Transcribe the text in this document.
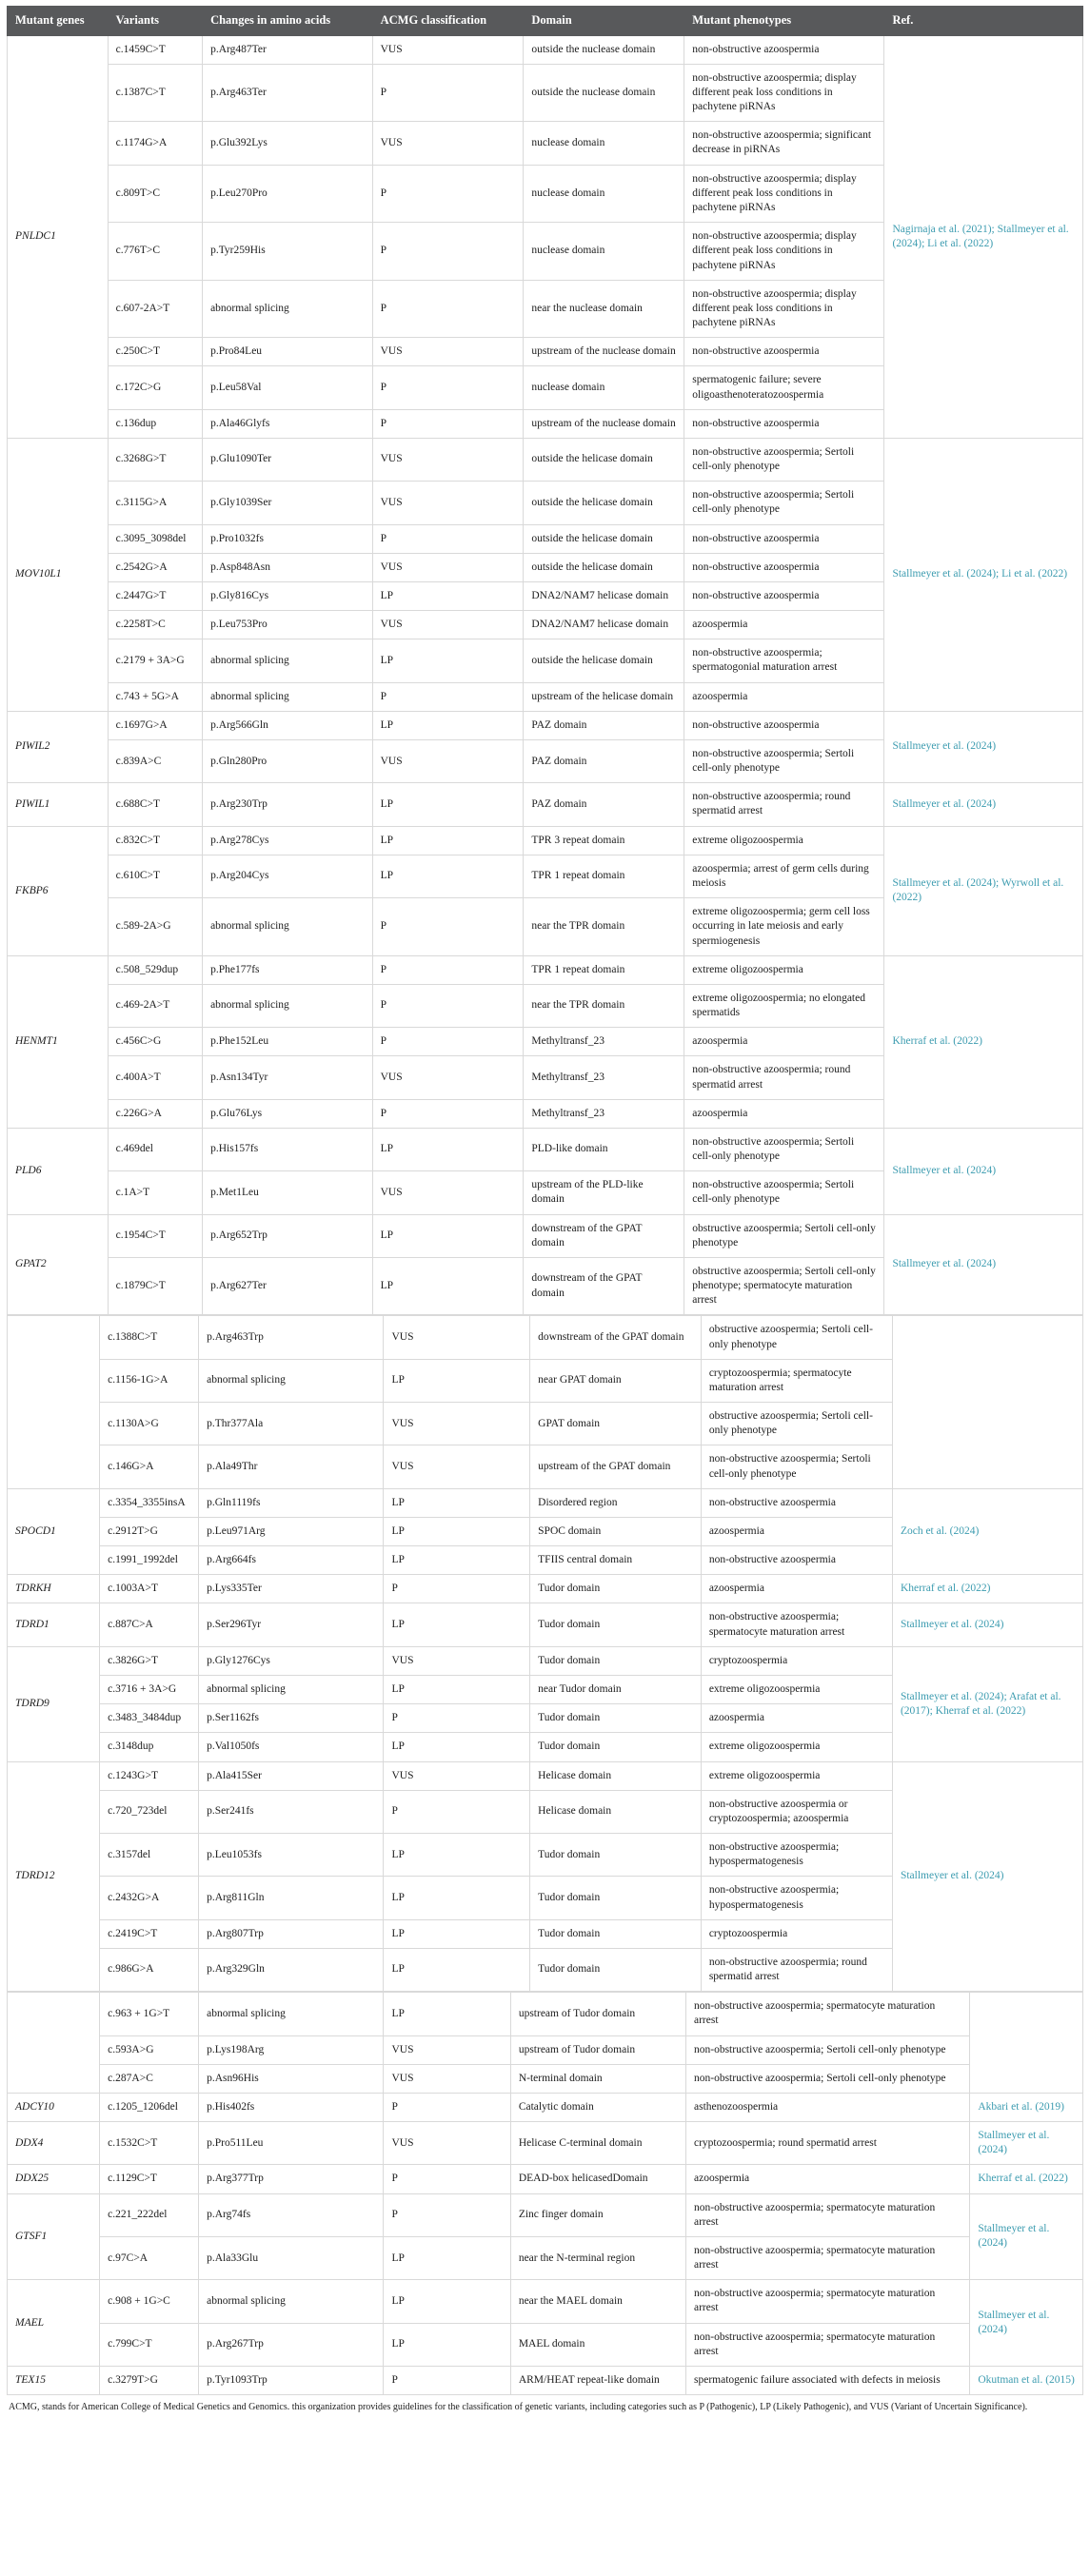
Mutant genes	Variants	Changes in amino acids	ACMG classification	Domain	Mutant phenotypes	Ref.
PNLDC1	c.1459C>T	p.Arg487Ter	VUS	outside the nuclease domain	non-obstructive azoospermia	Nagirnaja et al. (2021); Stallmeyer et al. (2024); Li et al. (2022)
	c.1387C>T	p.Arg463Ter	P	outside the nuclease domain	non-obstructive azoospermia; display different peak loss conditions in pachytene piRNAs	
	c.1174G>A	p.Glu392Lys	VUS	nuclease domain	non-obstructive azoospermia; significant decrease in piRNAs	
	c.809T>C	p.Leu270Pro	P	nuclease domain	non-obstructive azoospermia; display different peak loss conditions in pachytene piRNAs	
	c.776T>C	p.Tyr259His	P	nuclease domain	non-obstructive azoospermia; display different peak loss conditions in pachytene piRNAs	
	c.607-2A>T	abnormal splicing	P	near the nuclease domain	non-obstructive azoospermia; display different peak loss conditions in pachytene piRNAs	
	c.250C>T	p.Pro84Leu	VUS	upstream of the nuclease domain	non-obstructive azoospermia	
	c.172C>G	p.Leu58Val	P	nuclease domain	spermatogenic failure; severe oligoasthenoteratozoospermia	
	c.136dup	p.Ala46Glyfs	P	upstream of the nuclease domain	non-obstructive azoospermia	
MOV10L1	c.3268G>T	p.Glu1090Ter	VUS	outside the helicase domain	non-obstructive azoospermia; Sertoli cell-only phenotype	Stallmeyer et al. (2024); Li et al. (2022)
	c.3115G>A	p.Gly1039Ser	VUS	outside the helicase domain	non-obstructive azoospermia; Sertoli cell-only phenotype	
	c.3095_3098del	p.Pro1032fs	P	outside the helicase domain	non-obstructive azoospermia	
	c.2542G>A	p.Asp848Asn	VUS	outside the helicase domain	non-obstructive azoospermia	
	c.2447G>T	p.Gly816Cys	LP	DNA2/NAM7 helicase domain	non-obstructive azoospermia	
	c.2258T>C	p.Leu753Pro	VUS	DNA2/NAM7 helicase domain	azoospermia	
	c.2179 + 3A>G	abnormal splicing	LP	outside the helicase domain	non-obstructive azoospermia; spermatogonial maturation arrest	
	c.743 + 5G>A	abnormal splicing	P	upstream of the helicase domain	azoospermia	
PIWIL2	c.1697G>A	p.Arg566Gln	LP	PAZ domain	non-obstructive azoospermia	Stallmeyer et al. (2024)
	c.839A>C	p.Gln280Pro	VUS	PAZ domain	non-obstructive azoospermia; Sertoli cell-only phenotype	
PIWIL1	c.688C>T	p.Arg230Trp	LP	PAZ domain	non-obstructive azoospermia; round spermatid arrest	Stallmeyer et al. (2024)
FKBP6	c.832C>T	p.Arg278Cys	LP	TPR 3 repeat domain	extreme oligozoospermia	Stallmeyer et al. (2024); Wyrwoll et al. (2022)
	c.610C>T	p.Arg204Cys	LP	TPR 1 repeat domain	azoospermia; arrest of germ cells during meiosis	
	c.589-2A>G	abnormal splicing	P	near the TPR domain	extreme oligozoospermia; germ cell loss occurring in late meiosis and early spermiogenesis	
HENMT1	c.508_529dup	p.Phe177fs	P	TPR 1 repeat domain	extreme oligozoospermia	Kherraf et al. (2022)
	c.469-2A>T	abnormal splicing	P	near the TPR domain	extreme oligozoospermia; no elongated spermatids	
	c.456C>G	p.Phe152Leu	P	Methyltransf_23	azoospermia	
	c.400A>T	p.Asn134Tyr	VUS	Methyltransf_23	non-obstructive azoospermia; round spermatid arrest	
	c.226G>A	p.Glu76Lys	P	Methyltransf_23	azoospermia	
PLD6	c.469del	p.His157fs	LP	PLD-like domain	non-obstructive azoospermia; Sertoli cell-only phenotype	Stallmeyer et al. (2024)
	c.1A>T	p.Met1Leu	VUS	upstream of the PLD-like domain	non-obstructive azoospermia; Sertoli cell-only phenotype	
GPAT2	c.1954C>T	p.Arg652Trp	LP	downstream of the GPAT domain	obstructive azoospermia; Sertoli cell-only phenotype	Stallmeyer et al. (2024)
	c.1879C>T	p.Arg627Ter	LP	downstream of the GPAT domain	obstructive azoospermia; Sertoli cell-only phenotype; spermatocyte maturation arrest	
	c.1388C>T	p.Arg463Trp	VUS	downstream of the GPAT domain	obstructive azoospermia; Sertoli cell-only phenotype	
	c.1156-1G>A	abnormal splicing	LP	near GPAT domain	cryptozoospermia; spermatocyte maturation arrest	
	c.1130A>G	p.Thr377Ala	VUS	GPAT domain	obstructive azoospermia; Sertoli cell-only phenotype	
	c.146G>A	p.Ala49Thr	VUS	upstream of the GPAT domain	non-obstructive azoospermia; Sertoli cell-only phenotype	
SPOCD1	c.3354_3355insA	p.Gln1119fs	LP	Disordered region	non-obstructive azoospermia	Zoch et al. (2024)
	c.2912T>G	p.Leu971Arg	LP	SPOC domain	azoospermia	
	c.1991_1992del	p.Arg664fs	LP	TFIIS central domain	non-obstructive azoospermia	
TDRKH	c.1003A>T	p.Lys335Ter	P	Tudor domain	azoospermia	Kherraf et al. (2022)
TDRD1	c.887C>A	p.Ser296Tyr	LP	Tudor domain	non-obstructive azoospermia; spermatocyte maturation arrest	Stallmeyer et al. (2024)
TDRD9	c.3826G>T	p.Gly1276Cys	VUS	Tudor domain	cryptozoospermia	Stallmeyer et al. (2024); Arafat et al. (2017); Kherraf et al. (2022)
	c.3716 + 3A>G	abnormal splicing	LP	near Tudor domain	extreme oligozoospermia	
	c.3483_3484dup	p.Ser1162fs	P	Tudor domain	azoospermia	
	c.3148dup	p.Val1050fs	LP	Tudor domain	extreme oligozoospermia	
TDRD12	c.1243G>T	p.Ala415Ser	VUS	Helicase domain	extreme oligozoospermia	Stallmeyer et al. (2024)
	c.720_723del	p.Ser241fs	P	Helicase domain	non-obstructive azoospermia or cryptozoospermia; azoospermia	
	c.3157del	p.Leu1053fs	LP	Tudor domain	non-obstructive azoospermia; hypospermatogenesis	
	c.2432G>A	p.Arg811Gln	LP	Tudor domain	non-obstructive azoospermia; hypospermatogenesis	
	c.2419C>T	p.Arg807Trp	LP	Tudor domain	cryptozoospermia	
	c.986G>A	p.Arg329Gln	LP	Tudor domain	non-obstructive azoospermia; round spermatid arrest	
	c.963 + 1G>T	abnormal splicing	LP	upstream of Tudor domain	non-obstructive azoospermia; spermatocyte maturation arrest	
	c.593A>G	p.Lys198Arg	VUS	upstream of Tudor domain	non-obstructive azoospermia; Sertoli cell-only phenotype	
	c.287A>C	p.Asn96His	VUS	N-terminal domain	non-obstructive azoospermia; Sertoli cell-only phenotype	
ADCY10	c.1205_1206del	p.His402fs	P	Catalytic domain	asthenozoospermia	Akbari et al. (2019)
DDX4	c.1532C>T	p.Pro511Leu	VUS	Helicase C-terminal domain	cryptozoospermia; round spermatid arrest	Stallmeyer et al. (2024)
DDX25	c.1129C>T	p.Arg377Trp	P	DEAD-box helicasedDomain	azoospermia	Kherraf et al. (2022)
GTSF1	c.221_222del	p.Arg74fs	P	Zinc finger domain	non-obstructive azoospermia; spermatocyte maturation arrest	Stallmeyer et al. (2024)
	c.97C>A	p.Ala33Glu	LP	near the N-terminal region	non-obstructive azoospermia; spermatocyte maturation arrest	
MAEL	c.908 + 1G>C	abnormal splicing	LP	near the MAEL domain	non-obstructive azoospermia; spermatocyte maturation arrest	Stallmeyer et al. (2024)
	c.799C>T	p.Arg267Trp	LP	MAEL domain	non-obstructive azoospermia; spermatocyte maturation arrest	
TEX15	c.3279T>G	p.Tyr1093Trp	P	ARM/HEAT repeat-like domain	spermatogenic failure associated with defects in meiosis	Okutman et al. (2015)
ACMG, stands for American College of Medical Genetics and Genomics. this organization provides guidelines for the classification of genetic variants, including categories such as P (Pathogenic), LP (Likely Pathogenic), and VUS (Variant of Uncertain Significance).
